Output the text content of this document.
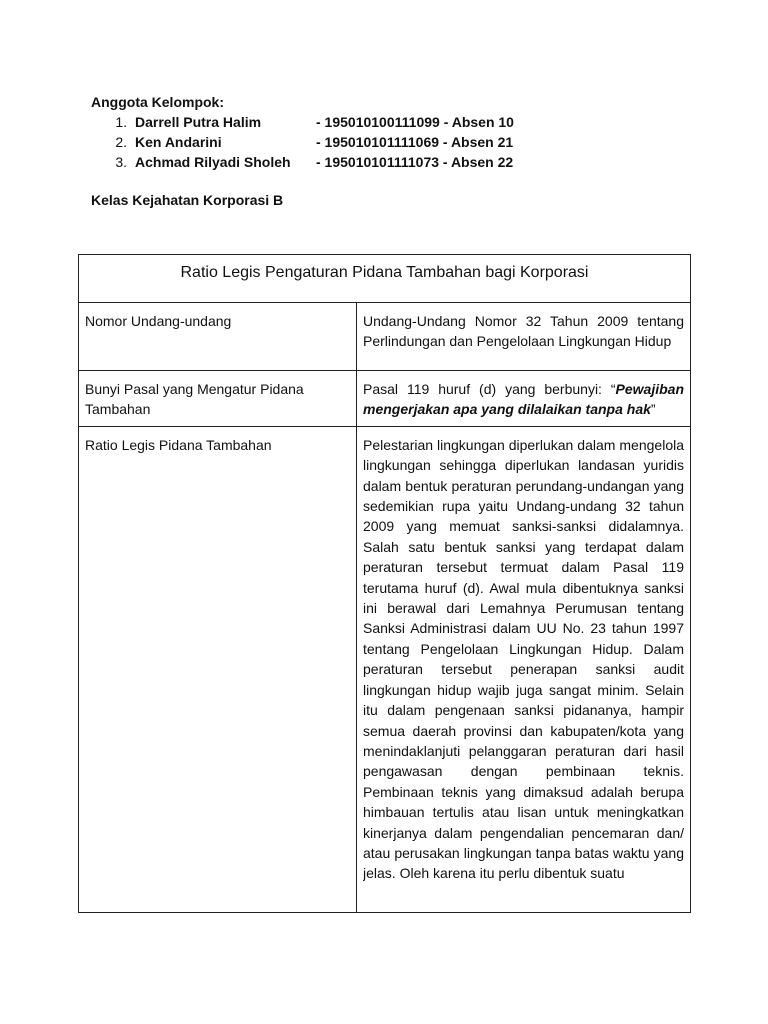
Anggota Kelompok:

1. Darrell Putra Halim	- 195010100111099 - Absen 10
2. Ken Andarini	- 195010101111069 - Absen 21
3. Achmad Rilyadi Sholeh	- 195010101111073 - Absen 22

Kelas Kejahatan Korporasi B

Ratio Legis Pengaturan Pidana Tambahan bagi Korporasi	
Nomor Undang-undang	Undang-Undang Nomor 32 Tahun 2009 tentang Perlindungan dan Pengelolaan Lingkungan Hidup
Bunyi Pasal yang Mengatur Pidana Tambahan	Pasal 119 huruf (d) yang berbunyi: “Pewajiban mengerjakan apa yang dilalaikan tanpa hak”
Ratio Legis Pidana Tambahan	Pelestarian lingkungan diperlukan dalam mengelola lingkungan sehingga diperlukan landasan yuridis dalam bentuk peraturan perundang-undangan yang sedemikian rupa yaitu Undang-undang 32 tahun 2009 yang memuat sanksi-sanksi didalamnya. Salah satu bentuk sanksi yang terdapat dalam peraturan tersebut termuat dalam Pasal 119 terutama huruf (d). Awal mula dibentuknya sanksi ini berawal dari Lemahnya Perumusan tentang Sanksi Administrasi dalam UU No. 23 tahun 1997 tentang Pengelolaan Lingkungan Hidup. Dalam peraturan tersebut penerapan sanksi audit lingkungan hidup wajib juga sangat minim. Selain itu dalam pengenaan sanksi pidananya, hampir semua daerah provinsi dan kabupaten/kota yang menindaklanjuti pelanggaran peraturan dari hasil pengawasan dengan pembinaan teknis. Pembinaan teknis yang dimaksud adalah berupa himbauan tertulis atau lisan untuk meningkatkan kinerjanya dalam pengendalian pencemaran dan/ atau perusakan lingkungan tanpa batas waktu yang jelas. Oleh karena itu perlu dibentuk suatu
